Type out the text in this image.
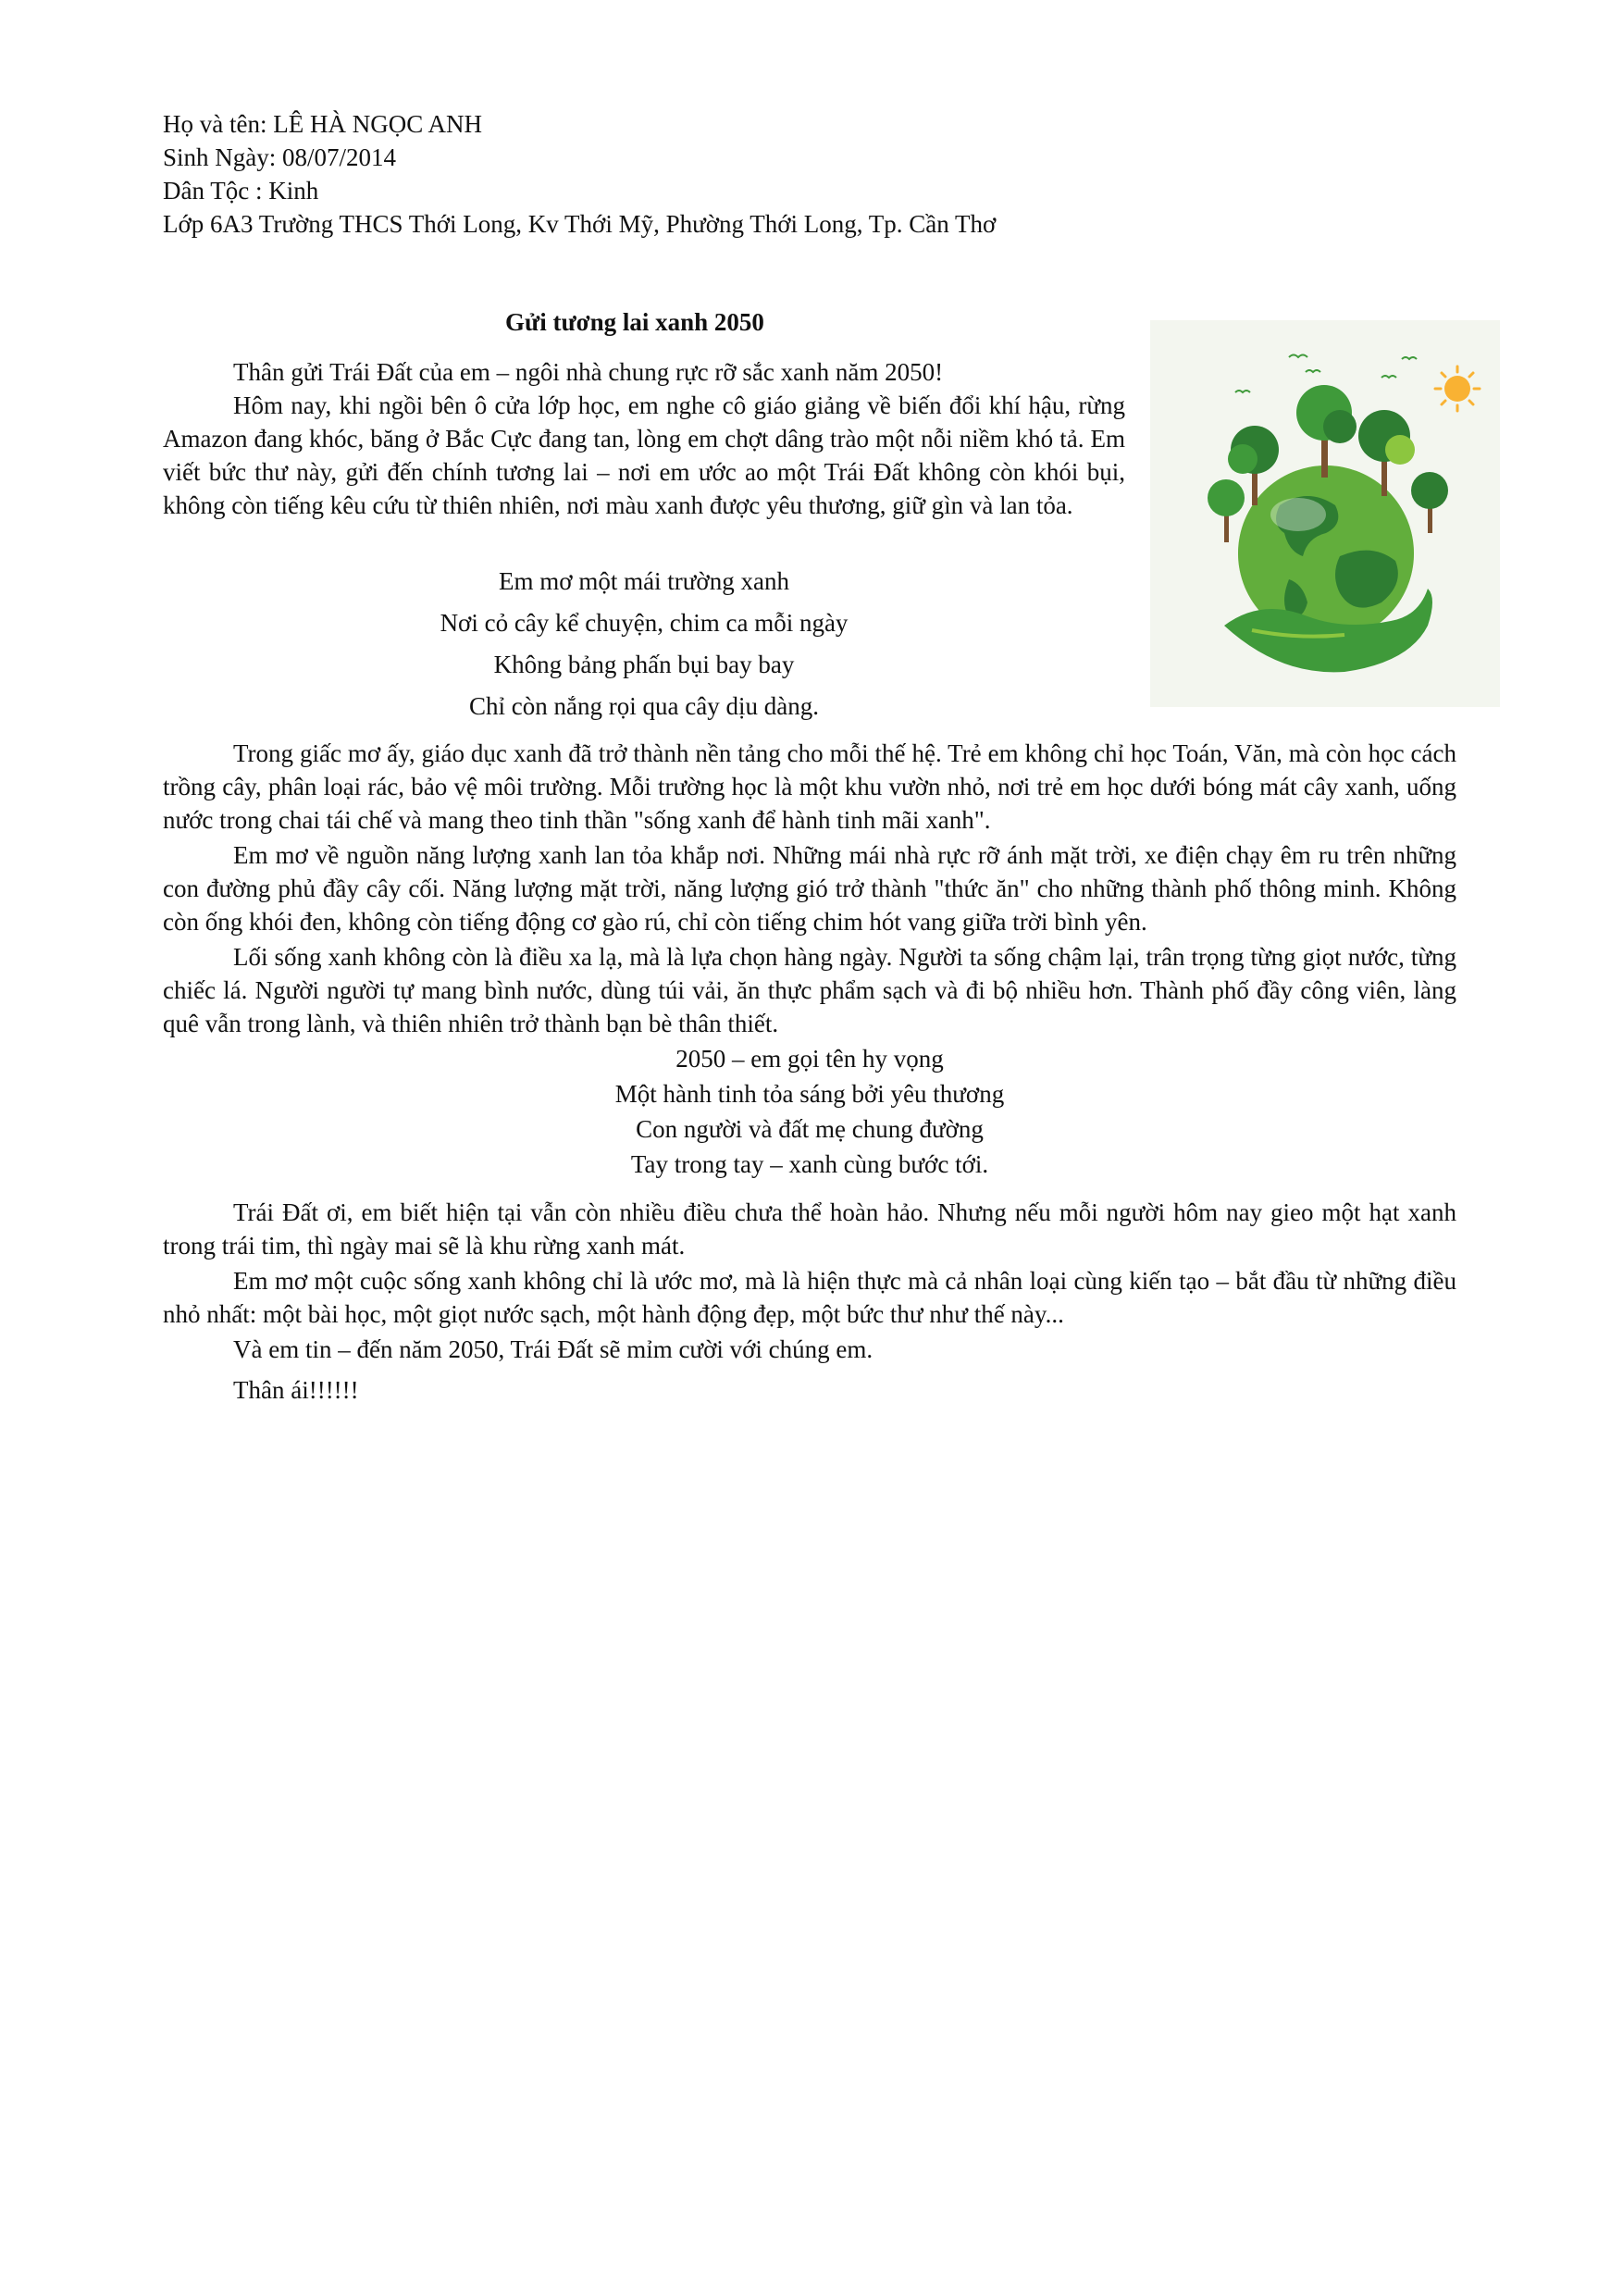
Họ và tên: LÊ HÀ NGỌC ANH
Sinh Ngày: 08/07/2014
Dân Tộc : Kinh
Lớp 6A3 Trường THCS Thới Long, Kv Thới Mỹ, Phường Thới Long, Tp. Cần Thơ
Gửi tương lai xanh 2050
Thân gửi Trái Đất của em – ngôi nhà chung rực rỡ sắc xanh năm 2050!
Hôm nay, khi ngồi bên ô cửa lớp học, em nghe cô giáo giảng về biến đổi khí hậu, rừng Amazon đang khóc, băng ở Bắc Cực đang tan, lòng em chợt dâng trào một nỗi niềm khó tả. Em viết bức thư này, gửi đến chính tương lai – nơi em ước ao một Trái Đất không còn khói bụi, không còn tiếng kêu cứu từ thiên nhiên, nơi màu xanh được yêu thương, giữ gìn và lan tỏa.
Em mơ một mái trường xanh
Nơi cỏ cây kể chuyện, chim ca mỗi ngày
Không bảng phấn bụi bay bay
Chỉ còn nắng rọi qua cây dịu dàng.
Trong giấc mơ ấy, giáo dục xanh đã trở thành nền tảng cho mỗi thế hệ. Trẻ em không chỉ học Toán, Văn, mà còn học cách trồng cây, phân loại rác, bảo vệ môi trường. Mỗi trường học là một khu vườn nhỏ, nơi trẻ em học dưới bóng mát cây xanh, uống nước trong chai tái chế và mang theo tinh thần "sống xanh để hành tinh mãi xanh".
Em mơ về nguồn năng lượng xanh lan tỏa khắp nơi. Những mái nhà rực rỡ ánh mặt trời, xe điện chạy êm ru trên những con đường phủ đầy cây cối. Năng lượng mặt trời, năng lượng gió trở thành "thức ăn" cho những thành phố thông minh. Không còn ống khói đen, không còn tiếng động cơ gào rú, chỉ còn tiếng chim hót vang giữa trời bình yên.
Lối sống xanh không còn là điều xa lạ, mà là lựa chọn hàng ngày. Người ta sống chậm lại, trân trọng từng giọt nước, từng chiếc lá. Người người tự mang bình nước, dùng túi vải, ăn thực phẩm sạch và đi bộ nhiều hơn. Thành phố đầy công viên, làng quê vẫn trong lành, và thiên nhiên trở thành bạn bè thân thiết.
2050 – em gọi tên hy vọng
Một hành tinh tỏa sáng bởi yêu thương
Con người và đất mẹ chung đường
Tay trong tay – xanh cùng bước tới.
Trái Đất ơi, em biết hiện tại vẫn còn nhiều điều chưa thể hoàn hảo. Nhưng nếu mỗi người hôm nay gieo một hạt xanh trong trái tim, thì ngày mai sẽ là khu rừng xanh mát.
Em mơ một cuộc sống xanh không chỉ là ước mơ, mà là hiện thực mà cả nhân loại cùng kiến tạo – bắt đầu từ những điều nhỏ nhất: một bài học, một giọt nước sạch, một hành động đẹp, một bức thư như thế này...
Và em tin – đến năm 2050, Trái Đất sẽ mỉm cười với chúng em.
Thân ái!!!!!!
